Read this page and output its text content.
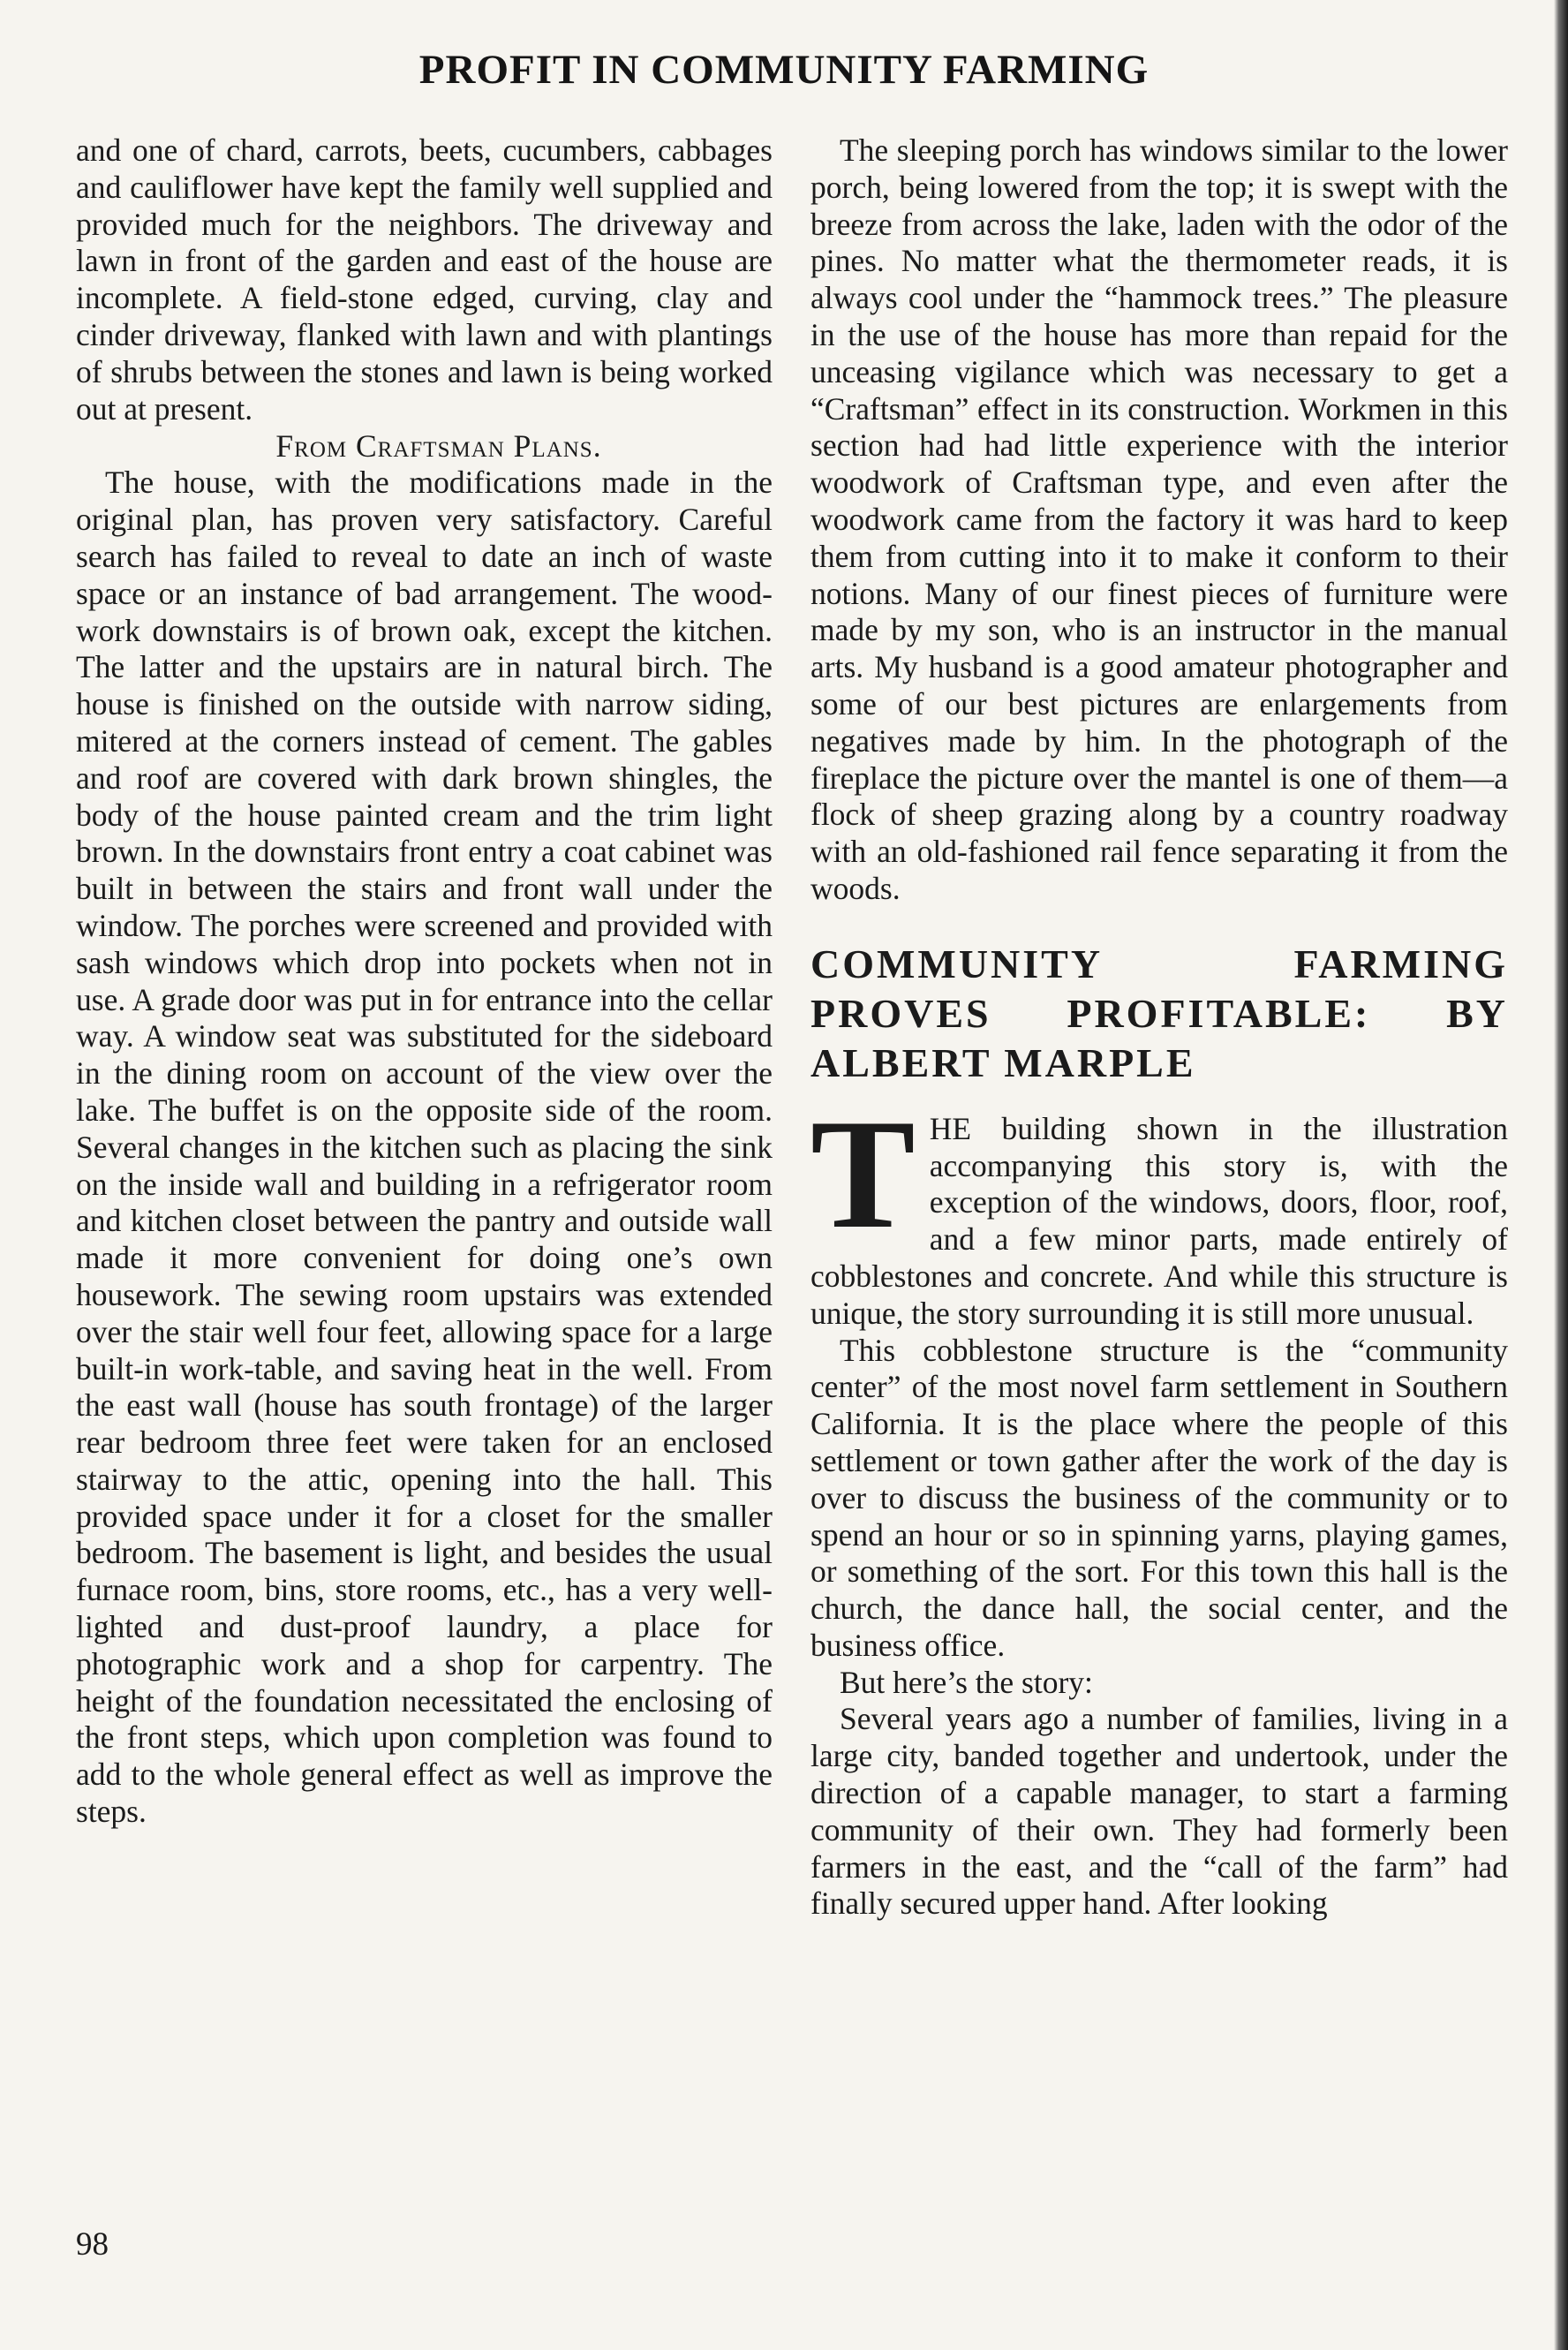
PROFIT IN COMMUNITY FARMING

and one of chard, carrots, beets, cucumbers, cabbages and cauliflower have kept the family well supplied and provided much for the neighbors. The driveway and lawn in front of the garden and east of the house are incomplete. A field-stone edged, curving, clay and cinder driveway, flanked with lawn and with plantings of shrubs between the stones and lawn is being worked out at present.

From Craftsman Plans.

The house, with the modifications made in the original plan, has proven very satisfactory. Careful search has failed to reveal to date an inch of waste space or an instance of bad arrangement. The woodwork downstairs is of brown oak, except the kitchen. The latter and the upstairs are in natural birch. The house is finished on the outside with narrow siding, mitered at the corners instead of cement. The gables and roof are covered with dark brown shingles, the body of the house painted cream and the trim light brown. In the downstairs front entry a coat cabinet was built in between the stairs and front wall under the window. The porches were screened and provided with sash windows which drop into pockets when not in use. A grade door was put in for entrance into the cellar way. A window seat was substituted for the sideboard in the dining room on account of the view over the lake. The buffet is on the opposite side of the room. Several changes in the kitchen such as placing the sink on the inside wall and building in a refrigerator room and kitchen closet between the pantry and outside wall made it more convenient for doing one’s own housework. The sewing room upstairs was extended over the stair well four feet, allowing space for a large built-in work-table, and saving heat in the well. From the east wall (house has south frontage) of the larger rear bedroom three feet were taken for an enclosed stairway to the attic, opening into the hall. This provided space under it for a closet for the smaller bedroom. The basement is light, and besides the usual furnace room, bins, store rooms, etc., has a very well-lighted and dust-proof laundry, a place for photographic work and a shop for carpentry. The height of the foundation necessitated the enclosing of the front steps, which upon completion was found to add to the whole general effect as well as improve the steps.

The sleeping porch has windows similar to the lower porch, being lowered from the top; it is swept with the breeze from across the lake, laden with the odor of the pines. No matter what the thermometer reads, it is always cool under the “hammock trees.” The pleasure in the use of the house has more than repaid for the unceasing vigilance which was necessary to get a “Craftsman” effect in its construction. Workmen in this section had had little experience with the interior woodwork of Craftsman type, and even after the woodwork came from the factory it was hard to keep them from cutting into it to make it conform to their notions. Many of our finest pieces of furniture were made by my son, who is an instructor in the manual arts. My husband is a good amateur photographer and some of our best pictures are enlargements from negatives made by him. In the photograph of the fireplace the picture over the mantel is one of them—a flock of sheep grazing along by a country roadway with an old-fashioned rail fence separating it from the woods.

COMMUNITY FARMING
PROVES PROFITABLE: BY
ALBERT MARPLE

THE building shown in the illustration accompanying this story is, with the exception of the windows, doors, floor, roof, and a few minor parts, made entirely of cobblestones and concrete. And while this structure is unique, the story surrounding it is still more unusual.

This cobblestone structure is the “community center” of the most novel farm settlement in Southern California. It is the place where the people of this settlement or town gather after the work of the day is over to discuss the business of the community or to spend an hour or so in spinning yarns, playing games, or something of the sort. For this town this hall is the church, the dance hall, the social center, and the business office.

But here’s the story:

Several years ago a number of families, living in a large city, banded together and undertook, under the direction of a capable manager, to start a farming community of their own. They had formerly been farmers in the east, and the “call of the farm” had finally secured upper hand. After looking

98
